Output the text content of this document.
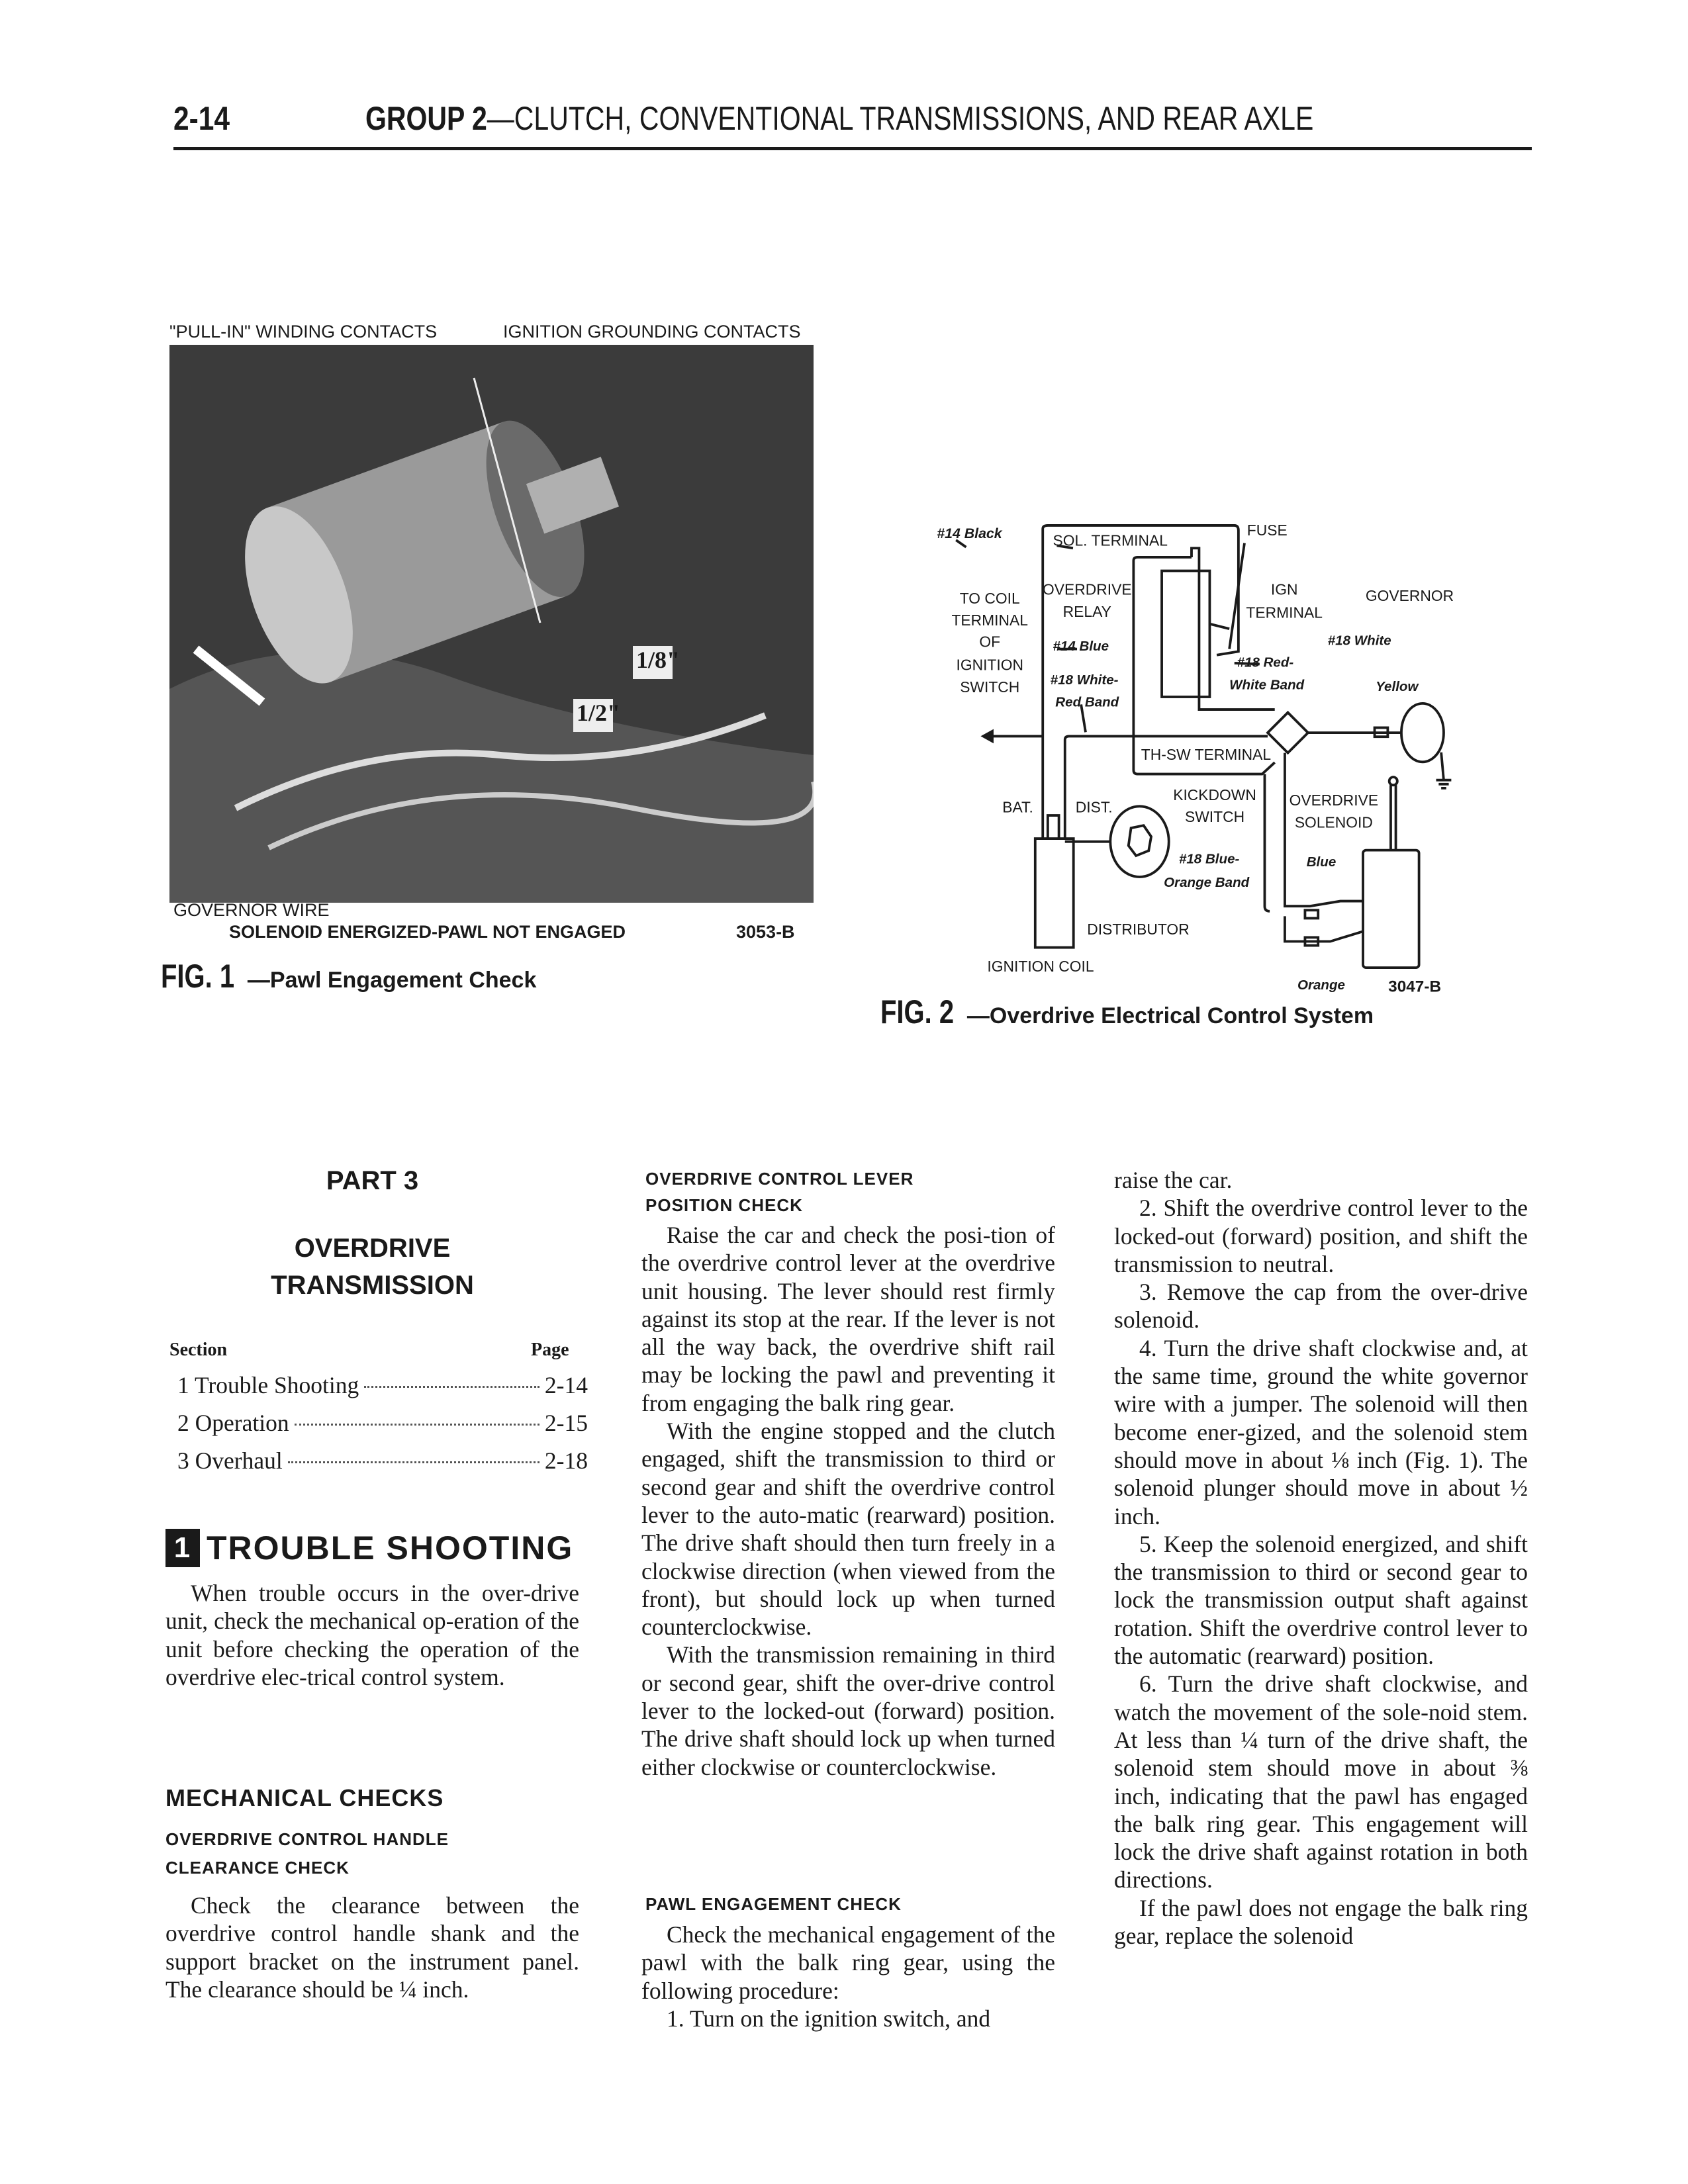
2-14	GROUP 2—CLUTCH, CONVENTIONAL TRANSMISSIONS, AND REAR AXLE
"PULL-IN" WINDING CONTACTS	IGNITION GROUNDING CONTACTS
1/8"
1/2"
GOVERNOR WIRE
SOLENOID ENERGIZED-PAWL NOT ENGAGED	3053-B
FIG. 1 —Pawl Engagement Check
#14 Black	SOL. TERMINAL
FUSE
TO COIL
TERMINAL
OF
IGNITION
SWITCH
OVERDRIVE
RELAY
IGN
TERMINAL
KICKDOWN
SWITCH
OVERDRIVE
SOLENOID
#14 Blue
#18 White-
Red Band
#18 Red-
White Band
#18 White
Yellow
#18 Blue-
Orange Band
Blue
Orange
GOVERNOR
TH-SW TERMINAL
BAT. DIST.
DISTRIBUTOR
IGNITION COIL
3047-B
FIG. 2 —Overdrive Electrical Control System
PART 3
OVERDRIVE
TRANSMISSION
Section	Page
1 Trouble Shooting	2-14
2 Operation	2-15
3 Overhaul	2-18
1 TROUBLE SHOOTING

When trouble occurs in the over-drive unit, check the mechanical op-eration of the unit before checking the operation of the overdrive elec-trical control system.

MECHANICAL CHECKS
OVERDRIVE CONTROL HANDLE
CLEARANCE CHECK

Check the clearance between the overdrive control handle shank and the support bracket on the instrument panel. The clearance should be ¼ inch.

OVERDRIVE CONTROL LEVER
POSITION CHECK

Raise the car and check the posi-tion of the overdrive control lever at the overdrive unit housing. The lever should rest firmly against its stop at the rear. If the lever is not all the way back, the overdrive shift rail may be locking the pawl and preventing it from engaging the balk ring gear.

With the engine stopped and the clutch engaged, shift the transmission to third or second gear and shift the overdrive control lever to the auto-matic (rearward) position. The drive shaft should then turn freely in a clockwise direction (when viewed from the front), but should lock up when turned counterclockwise.

With the transmission remaining in third or second gear, shift the over-drive control lever to the locked-out (forward) position. The drive shaft should lock up when turned either clockwise or counterclockwise.

PAWL ENGAGEMENT CHECK

Check the mechanical engagement of the pawl with the balk ring gear, using the following procedure:

1. Turn on the ignition switch, and

raise the car.

2. Shift the overdrive control lever to the locked-out (forward) position, and shift the transmission to neutral.

3. Remove the cap from the over-drive solenoid.

4. Turn the drive shaft clockwise and, at the same time, ground the white governor wire with a jumper. The solenoid will then become ener-gized, and the solenoid stem should move in about ⅛ inch (Fig. 1). The solenoid plunger should move in about ½ inch.

5. Keep the solenoid energized, and shift the transmission to third or second gear to lock the transmission output shaft against rotation. Shift the overdrive control lever to the automatic (rearward) position.

6. Turn the drive shaft clockwise, and watch the movement of the sole-noid stem. At less than ¼ turn of the drive shaft, the solenoid stem should move in about ⅜ inch, indicating that the pawl has engaged the balk ring gear. This engagement will lock the drive shaft against rotation in both directions.

If the pawl does not engage the balk ring gear, replace the solenoid
